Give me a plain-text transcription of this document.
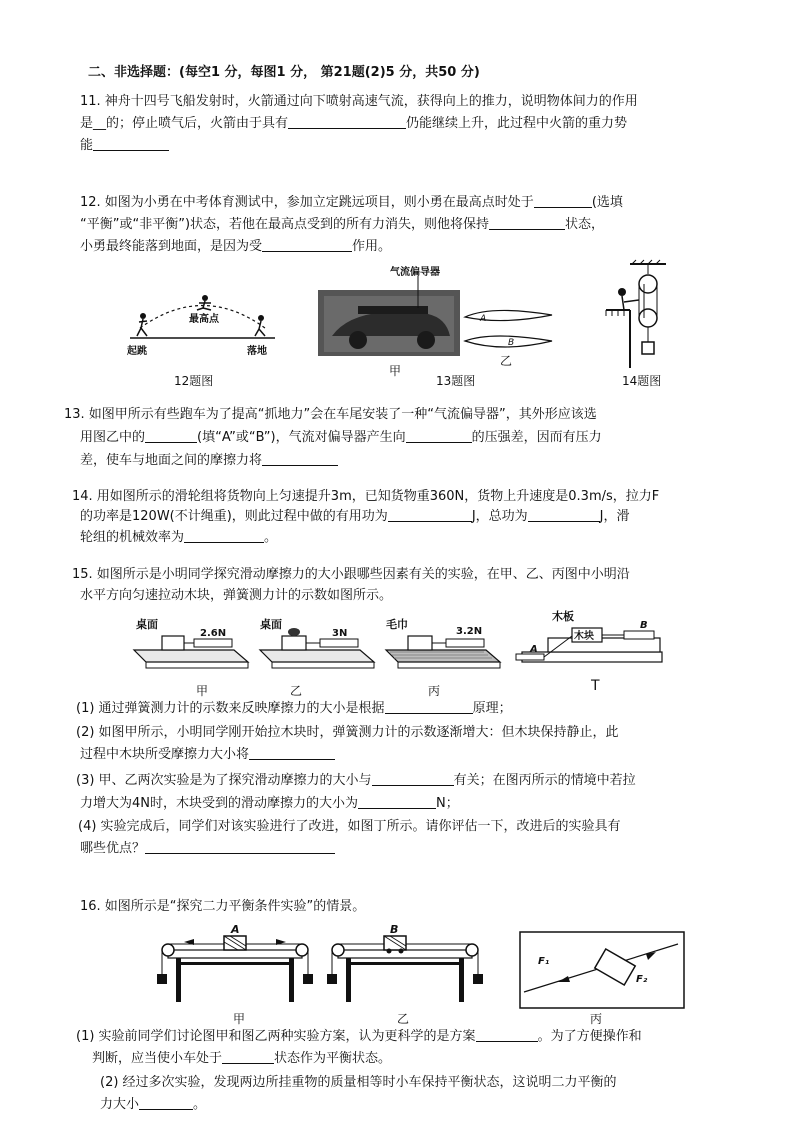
二、非选择题：(每空1 分，每图1 分， 第21题(2)5 分，共50 分)
11. 神舟十四号飞船发射时，火箭通过向下喷射高速气流，获得向上的推力，说明物体间力的作用
是__的；停止喷气后，火箭由于具有	仍能继续上升，此过程中火箭的重力势
能
12. 如图为小勇在中考体育测试中，参加立定跳远项目，则小勇在最高点时处于	(选填
“平衡”或“非平衡”)状态，若他在最高点受到的所有力消失，则他将保持	状态，
小勇最终能落到地面，是因为受	作用。
最高点
起跳	落地
12题图
气流偏导器
甲
A
B
13题图
乙
14题图
13. 如图甲所示有些跑车为了提高“抓地力”会在车尾安装了一种“气流偏导器”，其外形应该选
用图乙中的	(填“A”或“B”)，气流对偏导器产生向	的压强差，因而有压力
差，使车与地面之间的摩擦力将
14. 用如图所示的滑轮组将货物向上匀速提升3m，已知货物重360N，货物上升速度是0.3m/s，拉力F
的功率是120W(不计绳重)，则此过程中做的有用功为	J，总功为	J，滑
轮组的机械效率为	。
15. 如图所示是小明同学探究滑动摩擦力的大小跟哪些因素有关的实验，在甲、乙、丙图中小明沿
水平方向匀速拉动木块，弹簧测力计的示数如图所示。
桌面
2.6N
甲
桌面
3N
乙
毛巾
3.2N
丙
木板
木块
A
B
T
(1) 通过弹簧测力计的示数来反映摩擦力的大小是根据	原理；
(2) 如图甲所示，小明同学刚开始拉木块时，弹簧测力计的示数逐渐增大：但木块保持静止，此
过程中木块所受摩擦力大小将
(3) 甲、乙两次实验是为了探究滑动摩擦力的大小与	有关；在图丙所示的情境中若拉
力增大为4N时，木块受到的滑动摩擦力的大小为	N；
(4) 实验完成后，同学们对该实验进行了改进，如图丁所示。请你评估一下，改进后的实验具有
哪些优点？
16. 如图所示是“探究二力平衡条件实验”的情景。
A
甲
B
乙
F₁
F₂
丙
(1) 实验前同学们讨论图甲和图乙两种实验方案，认为更科学的是方案	。为了方便操作和
判断，应当使小车处于	状态作为平衡状态。
(2) 经过多次实验，发现两边所挂重物的质量相等时小车保持平衡状态，这说明二力平衡的
力大小	。
